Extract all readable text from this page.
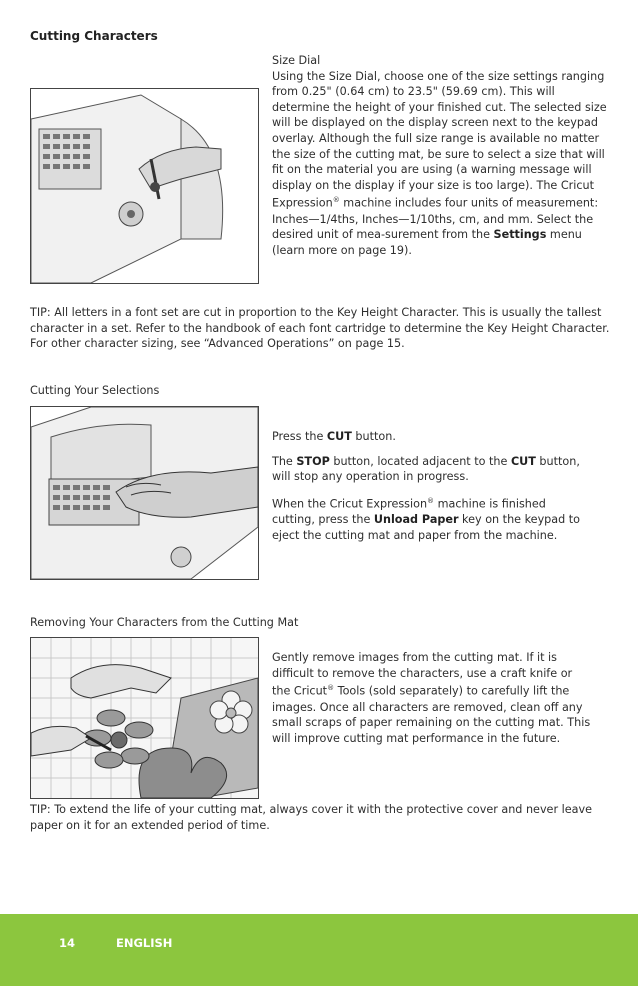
Cutting Characters
Size Dial
Using the Size Dial, choose one of the size settings ranging from 0.25" (0.64 cm) to 23.5" (59.69 cm). This will determine the height of your finished cut. The selected size will be displayed on the display screen next to the keypad overlay. Although the full size range is available no matter the size of the cutting mat, be sure to select a size that will fit on the material you are using (a warning message will display on the display if your size is too large). The Cricut Expression® machine includes four units of measurement: Inches—1/4ths, Inches—1/10ths, cm, and mm. Select the desired unit of mea-surement from the Settings menu (learn more on page 19).
TIP: All letters in a font set are cut in proportion to the Key Height Character. This is usually the tallest character in a set. Refer to the handbook of each font cartridge to determine the Key Height Character. For other character sizing, see “Advanced Operations” on page 15.
Cutting Your Selections
Press the CUT button.
The STOP button, located adjacent to the CUT button, will stop any operation in progress.
When the Cricut Expression® machine is finished cutting, press the Unload Paper key on the keypad to eject the cutting mat and paper from the machine.
Removing Your Characters from the Cutting Mat
Gently remove images from the cutting mat. If it is difficult to remove the characters, use a craft knife or the Cricut® Tools (sold separately) to carefully lift the images. Once all characters are removed, clean off any small scraps of paper remaining on the cutting mat. This will improve cutting mat performance in the future.
TIP: To extend the life of your cutting mat, always cover it with the protective cover and never leave paper on it for an extended period of time.
14	ENGLISH
